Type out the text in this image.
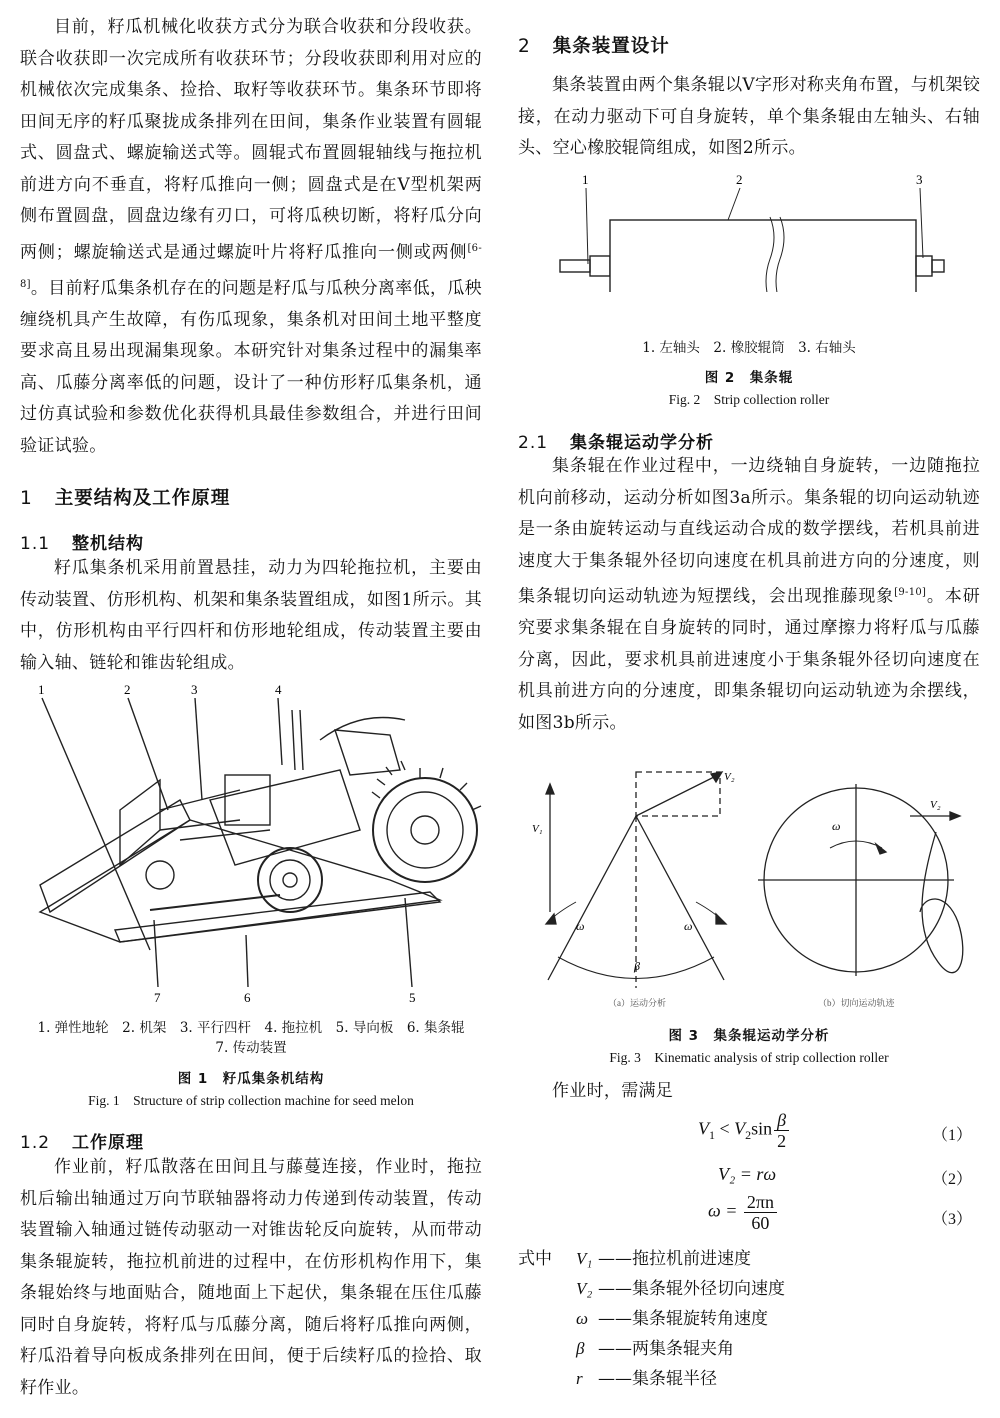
目前，籽瓜机械化收获方式分为联合收获和分段收获。联合收获即一次完成所有收获环节；分段收获即利用对应的机械依次完成集条、捡拾、取籽等收获环节。集条环节即将田间无序的籽瓜聚拢成条排列在田间，集条作业装置有圆辊式、圆盘式、螺旋输送式等。圆辊式布置圆辊轴线与拖拉机前进方向不垂直，将籽瓜推向一侧；圆盘式是在V型机架两侧布置圆盘，圆盘边缘有刃口，可将瓜秧切断，将籽瓜分向两侧；螺旋输送式是通过螺旋叶片将籽瓜推向一侧或两侧[6-8]。目前籽瓜集条机存在的问题是籽瓜与瓜秧分离率低，瓜秧缠绕机具产生故障，有伤瓜现象，集条机对田间土地平整度要求高且易出现漏集现象。本研究针对集条过程中的漏集率高、瓜藤分离率低的问题，设计了一种仿形籽瓜集条机，通过仿真试验和参数优化获得机具最佳参数组合，并进行田间验证试验。

1 主要结构及工作原理
1.1 整机结构

籽瓜集条机采用前置悬挂，动力为四轮拖拉机，主要由传动装置、仿形机构、机架和集条装置组成，如图1所示。其中，仿形机构由平行四杆和仿形地轮组成，传动装置主要由输入轴、链轮和锥齿轮组成。

1	2	3	4
5
6
7

1. 弹性地轮　2. 机架　3. 平行四杆　4. 拖拉机　5. 导向板　6. 集条辊

7. 传动装置

图 1　籽瓜集条机结构

Fig. 1　Structure of strip collection machine for seed melon

1.2 工作原理

作业前，籽瓜散落在田间且与藤蔓连接，作业时，拖拉机后输出轴通过万向节联轴器将动力传递到传动装置，传动装置输入轴通过链传动驱动一对锥齿轮反向旋转，从而带动集条辊旋转，拖拉机前进的过程中，在仿形机构作用下，集条辊始终与地面贴合，随地面上下起伏，集条辊在压住瓜藤同时自身旋转，将籽瓜与瓜藤分离，随后将籽瓜推向两侧，籽瓜沿着导向板成条排列在田间，便于后续籽瓜的捡拾、取籽作业。

2 集条装置设计

集条装置由两个集条辊以V字形对称夹角布置，与机架铰接，在动力驱动下可自身旋转，单个集条辊由左轴头、右轴头、空心橡胶辊筒组成，如图2所示。

1	2	3

1. 左轴头　2. 橡胶辊筒　3. 右轴头

图 2　集条辊

Fig. 2　Strip collection roller

2.1 集条辊运动学分析

集条辊在作业过程中，一边绕轴自身旋转，一边随拖拉机向前移动，运动分析如图3a所示。集条辊的切向运动轨迹是一条由旋转运动与直线运动合成的数学摆线，若机具前进速度大于集条辊外径切向速度在机具前进方向的分速度，则集条辊切向运动轨迹为短摆线，会出现推藤现象[9-10]。本研究要求集条辊在自身旋转的同时，通过摩擦力将籽瓜与瓜藤分离，因此，要求机具前进速度小于集条辊外径切向速度在机具前进方向的分速度，即集条辊切向运动轨迹为余摆线，如图3b所示。

V₁
V₂
ω	ω
β
V₂
ω
（a）运动分析	（b）切向运动轨迹

图 3　集条辊运动学分析

Fig. 3　Kinematic analysis of strip collection roller

作业时，需满足

$V_1 < V_2\sin \frac{\beta}{2}$	（1）
V₂ = rω	（2）
$\omega = \frac{2\pi n}{60}$	（3）
式中 V₁ ——拖拉机前进速度
V₂ ——集条辊外径切向速度
ω ——集条辊旋转角速度
β ——两集条辊夹角
r ——集条辊半径
